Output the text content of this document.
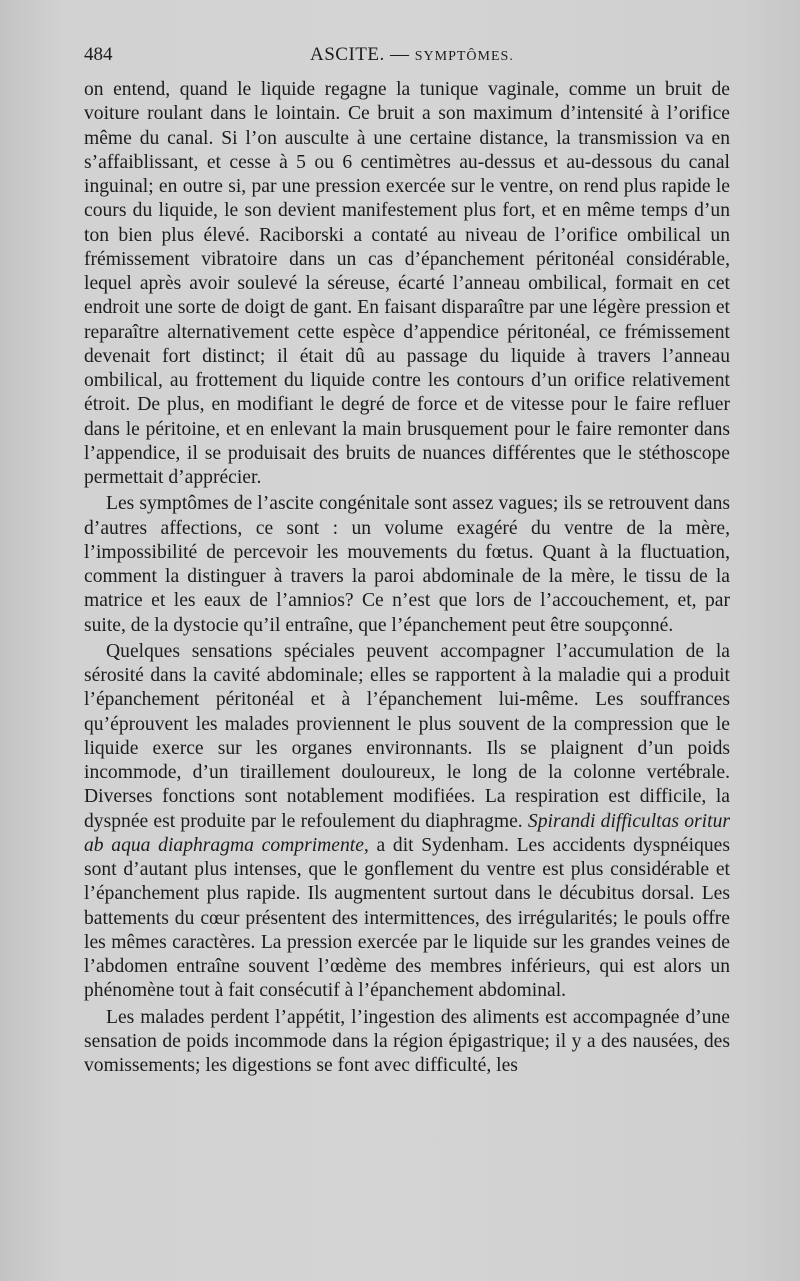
484	ASCITE. — SYMPTÔMES.

on entend, quand le liquide regagne la tunique vaginale, comme un bruit de voiture roulant dans le lointain. Ce bruit a son maximum d’intensité à l’orifice même du canal. Si l’on ausculte à une certaine distance, la transmission va en s’affaiblissant, et cesse à 5 ou 6 centimètres au-dessus et au-dessous du canal inguinal; en outre si, par une pression exercée sur le ventre, on rend plus rapide le cours du liquide, le son devient manifestement plus fort, et en même temps d’un ton bien plus élevé. Raciborski a contaté au niveau de l’orifice ombilical un frémissement vibratoire dans un cas d’épanchement péritonéal considérable, lequel après avoir soulevé la séreuse, écarté l’anneau ombilical, formait en cet endroit une sorte de doigt de gant. En faisant disparaître par une légère pression et reparaître alternativement cette espèce d’appendice péritonéal, ce frémissement devenait fort distinct; il était dû au passage du liquide à travers l’anneau ombilical, au frottement du liquide contre les contours d’un orifice relativement étroit. De plus, en modifiant le degré de force et de vitesse pour le faire refluer dans le péritoine, et en enlevant la main brusquement pour le faire remonter dans l’appendice, il se produisait des bruits de nuances différentes que le stéthoscope permettait d’apprécier.

Les symptômes de l’ascite congénitale sont assez vagues; ils se retrouvent dans d’autres affections, ce sont : un volume exagéré du ventre de la mère, l’impossibilité de percevoir les mouvements du fœtus. Quant à la fluctuation, comment la distinguer à travers la paroi abdominale de la mère, le tissu de la matrice et les eaux de l’amnios? Ce n’est que lors de l’accouchement, et, par suite, de la dystocie qu’il entraîne, que l’épanchement peut être soupçonné.

Quelques sensations spéciales peuvent accompagner l’accumulation de la sérosité dans la cavité abdominale; elles se rapportent à la maladie qui a produit l’épanchement péritonéal et à l’épanchement lui-même. Les souffrances qu’éprouvent les malades proviennent le plus souvent de la compression que le liquide exerce sur les organes environnants. Ils se plaignent d’un poids incommode, d’un tiraillement douloureux, le long de la colonne vertébrale. Diverses fonctions sont notablement modifiées. La respiration est difficile, la dyspnée est produite par le refoulement du diaphragme. Spirandi difficultas oritur ab aqua diaphragma comprimente, a dit Sydenham. Les accidents dyspnéiques sont d’autant plus intenses, que le gonflement du ventre est plus considérable et l’épanchement plus rapide. Ils augmentent surtout dans le décubitus dorsal. Les battements du cœur présentent des intermittences, des irrégularités; le pouls offre les mêmes caractères. La pression exercée par le liquide sur les grandes veines de l’abdomen entraîne souvent l’œdème des membres inférieurs, qui est alors un phénomène tout à fait consécutif à l’épanchement abdominal.

Les malades perdent l’appétit, l’ingestion des aliments est accompagnée d’une sensation de poids incommode dans la région épigastrique; il y a des nausées, des vomissements; les digestions se font avec difficulté, les
